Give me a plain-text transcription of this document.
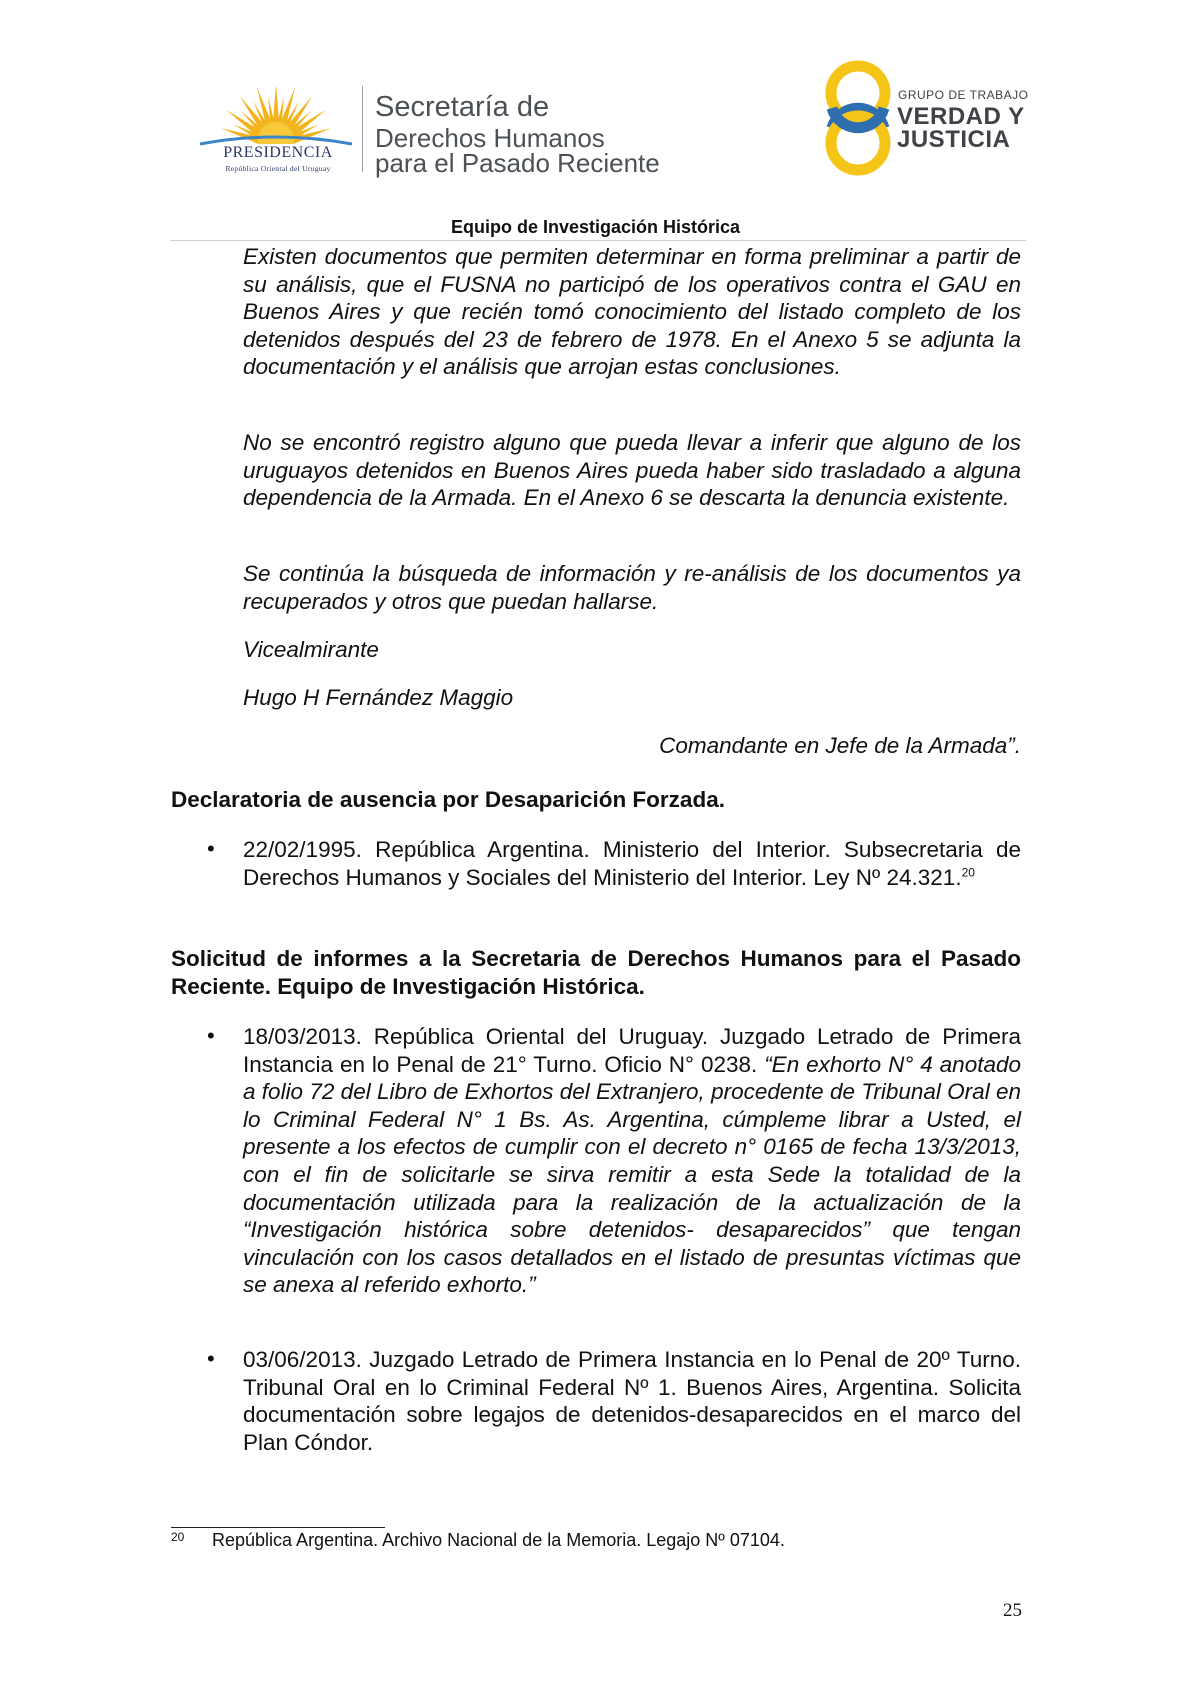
PRESIDENCIA
República Oriental del Uruguay
Secretaría de
Derechos Humanos
para el Pasado Reciente
GRUPO DE TRABAJO
VERDAD Y
JUSTICIA
Equipo de Investigación Histórica
Existen documentos que permiten determinar en forma preliminar a partir de su análisis, que el FUSNA no participó de los operativos contra el GAU en Buenos Aires y que recién tomó conocimiento del listado completo de los detenidos después del 23 de febrero de 1978. En el Anexo 5 se adjunta la documentación y el análisis que arrojan estas conclusiones.
No se encontró registro alguno que pueda llevar a inferir que alguno de los uruguayos detenidos en Buenos Aires pueda haber sido trasladado a alguna dependencia de la Armada. En el Anexo 6 se descarta la denuncia existente.
Se continúa la búsqueda de información y re-análisis de los documentos ya recuperados y otros que puedan hallarse.
Vicealmirante
Hugo H Fernández Maggio
Comandante en Jefe de la Armada”.
Declaratoria de ausencia por Desaparición Forzada.
• 22/02/1995. República Argentina. Ministerio del Interior. Subsecretaria de Derechos Humanos y Sociales del Ministerio del Interior. Ley Nº 24.321.20
Solicitud de informes a la Secretaria de Derechos Humanos para el Pasado Reciente. Equipo de Investigación Histórica.
• 18/03/2013. República Oriental del Uruguay. Juzgado Letrado de Primera Instancia en lo Penal de 21° Turno. Oficio N° 0238. “En exhorto N° 4 anotado a folio 72 del Libro de Exhortos del Extranjero, procedente de Tribunal Oral en lo Criminal Federal N° 1 Bs. As. Argentina, cúmpleme librar a Usted, el presente a los efectos de cumplir con el decreto n° 0165 de fecha 13/3/2013, con el fin de solicitarle se sirva remitir a esta Sede la totalidad de la documentación utilizada para la realización de la actualización de la “Investigación histórica sobre detenidos- desaparecidos” que tengan vinculación con los casos detallados en el listado de presuntas víctimas que se anexa al referido exhorto.”
• 03/06/2013. Juzgado Letrado de Primera Instancia en lo Penal de 20º Turno. Tribunal Oral en lo Criminal Federal Nº 1. Buenos Aires, Argentina. Solicita documentación sobre legajos de detenidos-desaparecidos en el marco del Plan Cóndor.
20 República Argentina. Archivo Nacional de la Memoria. Legajo Nº 07104.
25
